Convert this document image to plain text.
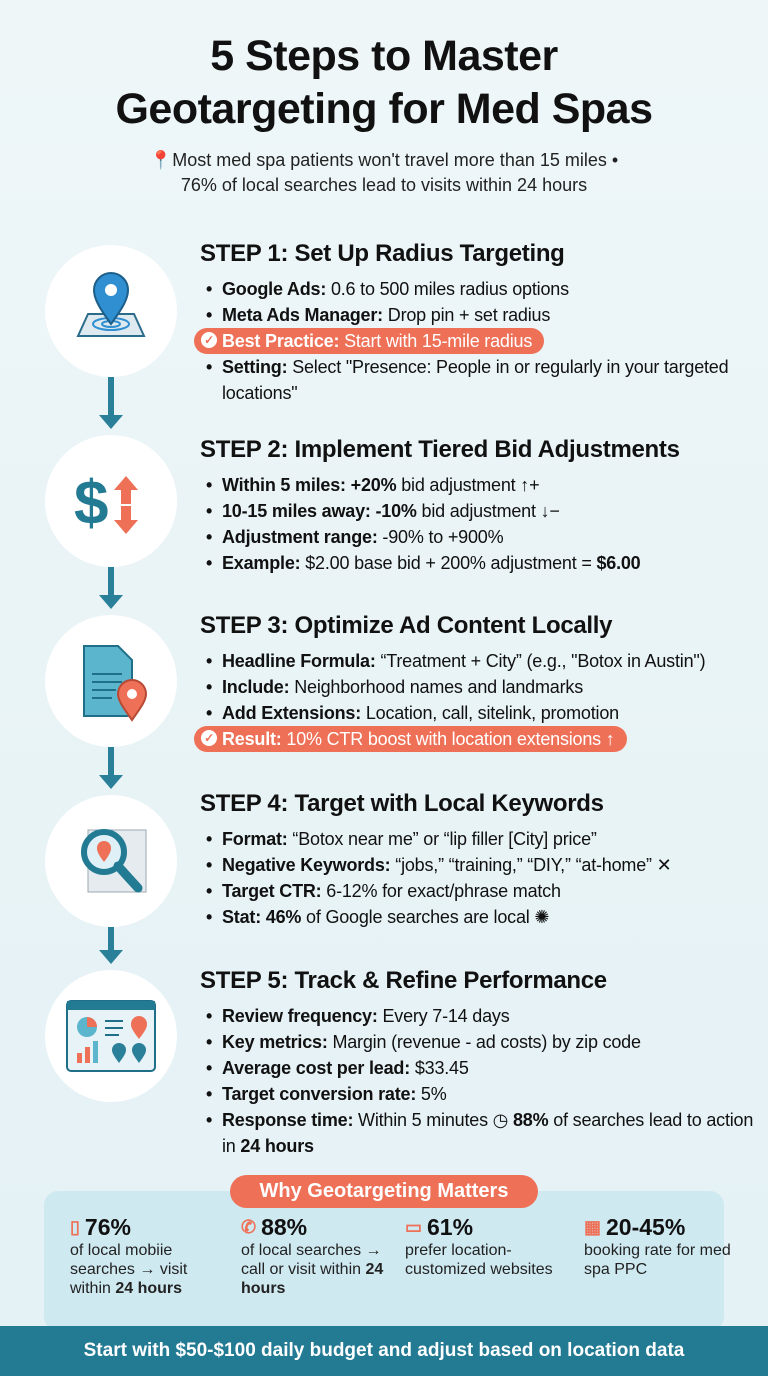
5 Steps to Master
Geotargeting for Med Spas
📍Most med spa patients won't travel more than 15 miles •
76% of local searches lead to visits within 24 hours
STEP 1: Set Up Radius Targeting
• Google Ads: 0.6 to 500 miles radius options
• Meta Ads Manager: Drop pin + set radius
✓ Best Practice: Start with 15-mile radius

• Setting: Select "Presence: People in or regularly in your targeted locations"
$
STEP 2: Implement Tiered Bid Adjustments
• Within 5 miles: +20% bid adjustment ↑+
• 10-15 miles away: -10% bid adjustment ↓−
• Adjustment range: -90% to +900%
• Example: $2.00 base bid + 200% adjustment = $6.00
STEP 3: Optimize Ad Content Locally
• Headline Formula: “Treatment + City” (e.g., "Botox in Austin")
• Include: Neighborhood names and landmarks
• Add Extensions: Location, call, sitelink, promotion
✓ Result: 10% CTR boost with location extensions ↑

STEP 4: Target with Local Keywords
• Format: “Botox near me” or “lip filler [City] price”
• Negative Keywords: “jobs,” “training,” “DIY,” “at-home” ✕
• Target CTR: 6-12% for exact/phrase match
• Stat: 46% of Google searches are local ✺
STEP 5: Track & Refine Performance
• Review frequency: Every 7-14 days
• Key metrics: Margin (revenue - ad costs) by zip code
• Average cost per lead: $33.45
• Target conversion rate: 5%
• Response time: Within 5 minutes ◷ 88% of searches lead to action in 24 hours
Why Geotargeting Matters
▯ 76%
of local mobiie searches → visit within 24 hours
✆ 88%
of local searches → call or visit within 24 hours
▭ 61%
prefer location-customized websites
▦ 20-45%
booking rate for med spa PPC
Start with $50-$100 daily budget and adjust based on location data
